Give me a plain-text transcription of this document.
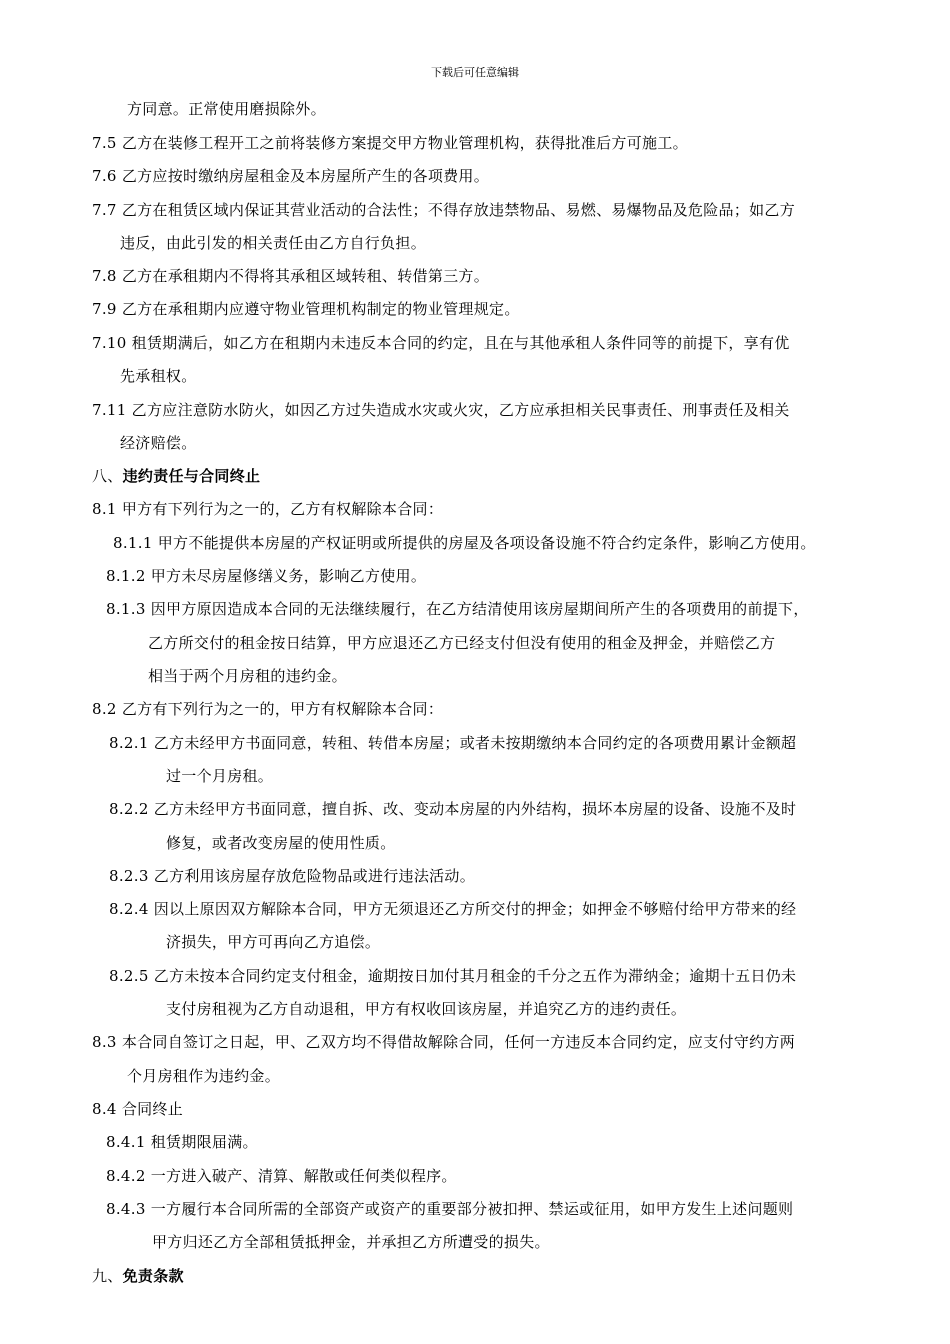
下载后可任意编辑
方同意。正常使用磨损除外。
7.5 乙方在装修工程开工之前将装修方案提交甲方物业管理机构，获得批准后方可施工。
7.6 乙方应按时缴纳房屋租金及本房屋所产生的各项费用。
7.7 乙方在租赁区域内保证其营业活动的合法性；不得存放违禁物品、易燃、易爆物品及危险品；如乙方
违反，由此引发的相关责任由乙方自行负担。
7.8 乙方在承租期内不得将其承租区域转租、转借第三方。
7.9 乙方在承租期内应遵守物业管理机构制定的物业管理规定。
7.10 租赁期满后，如乙方在租期内未违反本合同的约定，且在与其他承租人条件同等的前提下，享有优
先承租权。
7.11 乙方应注意防水防火，如因乙方过失造成水灾或火灾，乙方应承担相关民事责任、刑事责任及相关
经济赔偿。
八、违约责任与合同终止
8.1 甲方有下列行为之一的，乙方有权解除本合同：
8.1.1 甲方不能提供本房屋的产权证明或所提供的房屋及各项设备设施不符合约定条件，影响乙方使用。
8.1.2 甲方未尽房屋修缮义务，影响乙方使用。
8.1.3 因甲方原因造成本合同的无法继续履行，在乙方结清使用该房屋期间所产生的各项费用的前提下，
乙方所交付的租金按日结算，甲方应退还乙方已经支付但没有使用的租金及押金，并赔偿乙方
相当于两个月房租的违约金。
8.2 乙方有下列行为之一的，甲方有权解除本合同：
8.2.1 乙方未经甲方书面同意，转租、转借本房屋；或者未按期缴纳本合同约定的各项费用累计金额超
过一个月房租。
8.2.2 乙方未经甲方书面同意，擅自拆、改、变动本房屋的内外结构，损坏本房屋的设备、设施不及时
修复，或者改变房屋的使用性质。
8.2.3 乙方利用该房屋存放危险物品或进行违法活动。
8.2.4 因以上原因双方解除本合同，甲方无须退还乙方所交付的押金；如押金不够赔付给甲方带来的经
济损失，甲方可再向乙方追偿。
8.2.5 乙方未按本合同约定支付租金，逾期按日加付其月租金的千分之五作为滞纳金；逾期十五日仍未
支付房租视为乙方自动退租，甲方有权收回该房屋，并追究乙方的违约责任。
8.3 本合同自签订之日起，甲、乙双方均不得借故解除合同，任何一方违反本合同约定，应支付守约方两
个月房租作为违约金。
8.4 合同终止
8.4.1 租赁期限届满。
8.4.2 一方进入破产、清算、解散或任何类似程序。
8.4.3 一方履行本合同所需的全部资产或资产的重要部分被扣押、禁运或征用，如甲方发生上述问题则
甲方归还乙方全部租赁抵押金，并承担乙方所遭受的损失。
九、免责条款
